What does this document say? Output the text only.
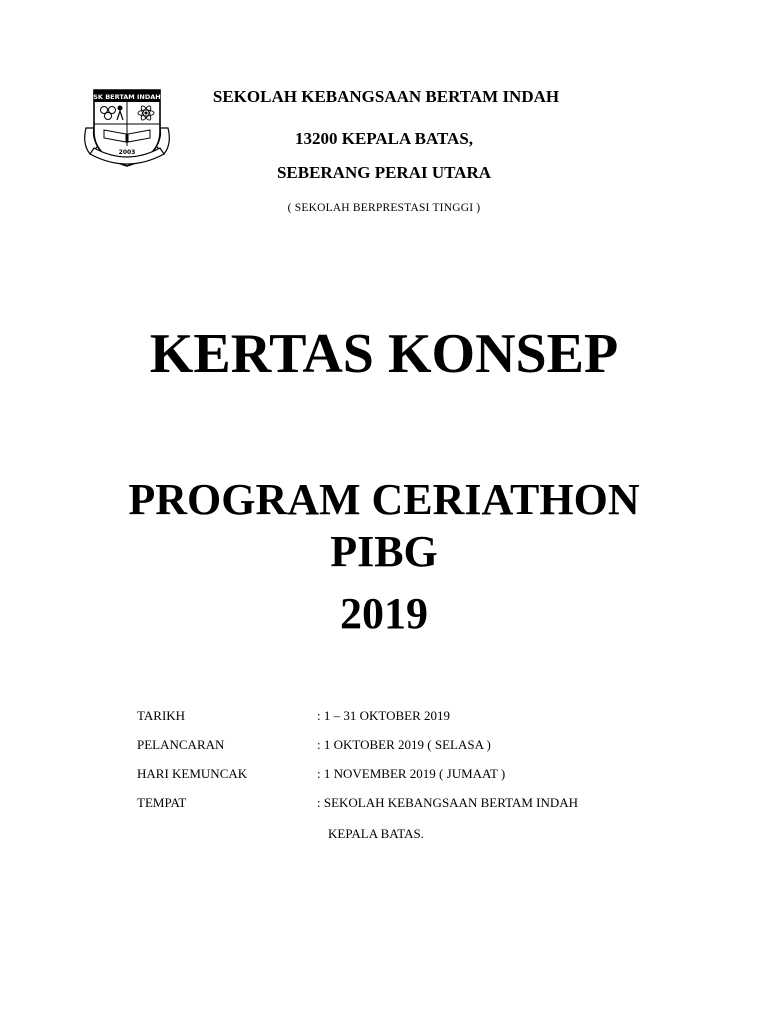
SK BERTAM INDAH
2003
SEKOLAH KEBANGSAAN BERTAM INDAH
13200 KEPALA BATAS,
SEBERANG PERAI UTARA
( SEKOLAH BERPRESTASI TINGGI )
KERTAS KONSEP
PROGRAM CERIATHON
PIBG
2019
TARIKH	: 1 – 31 OKTOBER 2019
PELANCARAN	: 1 OKTOBER 2019 ( SELASA )
HARI KEMUNCAK	: 1 NOVEMBER 2019 ( JUMAAT )
TEMPAT	: SEKOLAH KEBANGSAAN BERTAM INDAH
KEPALA BATAS.
